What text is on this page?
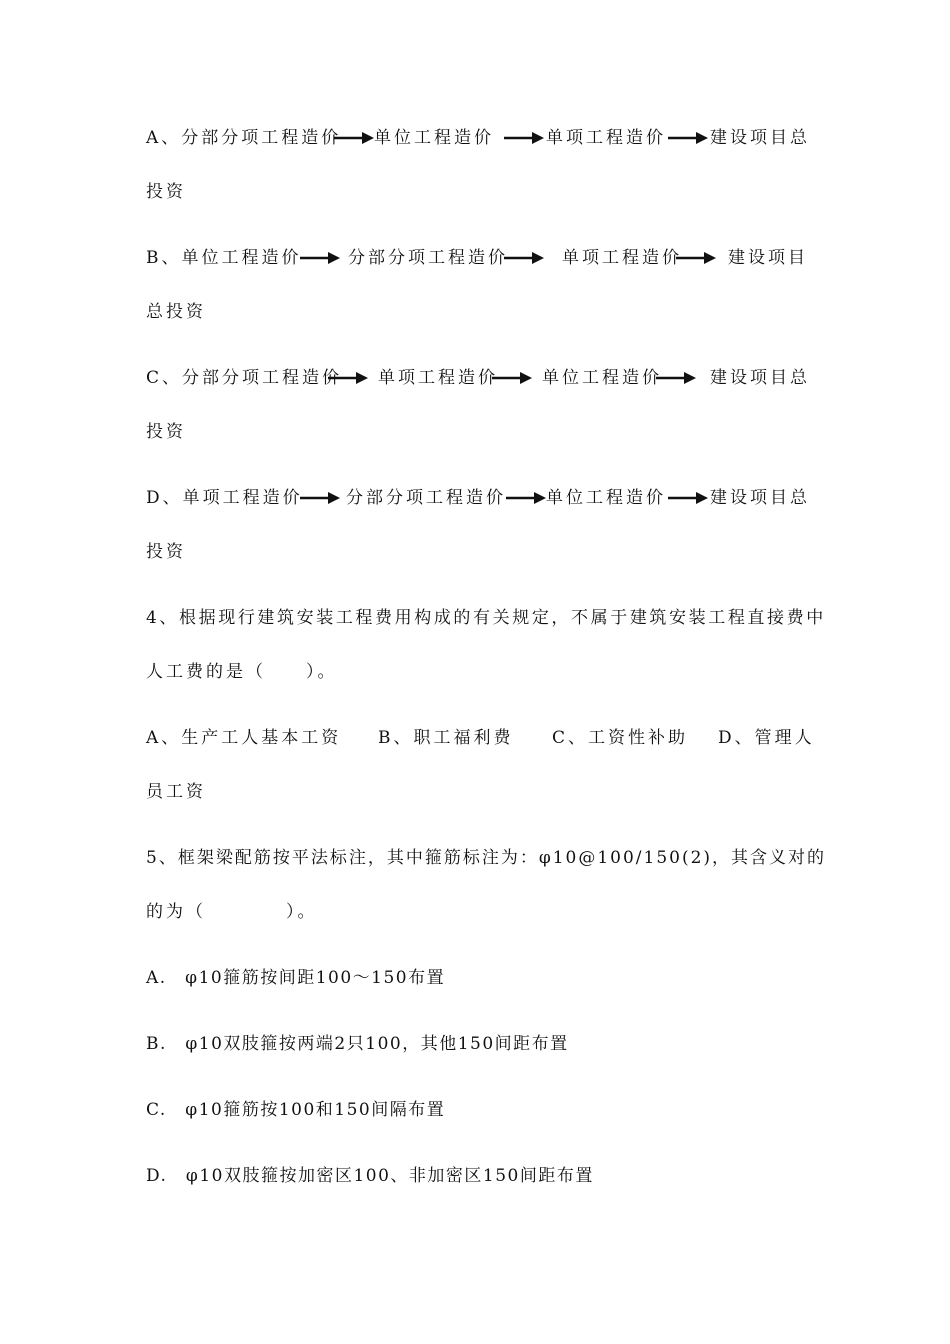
A、分部分项工程造价 单位工程造价	单项工程造价	建设项目总
投资
B、单位工程造价	分部分项工程造价	单项工程造价	建设项目
总投资
C、分部分项工程造价 单项工程造价	单位工程造价	建设项目总
投资
D、单项工程造价	分部分项工程造价 单位工程造价	建设项目总
投资
4、根据现行建筑安装工程费用构成的有关规定，不属于建筑安装工程直接费中
人工费的是（　　）。
A、生产工人基本工资 B、职工福利费 C、工资性补助 D、管理人
员工资
5、框架梁配筋按平法标注，其中箍筋标注为：φ10@100/150(2)，其含义对的
的为（　　　　）。
A.　φ10箍筋按间距100～150布置
B.　φ10双肢箍按两端2只100，其他150间距布置
C.　φ10箍筋按100和150间隔布置
D.　φ10双肢箍按加密区100、非加密区150间距布置
